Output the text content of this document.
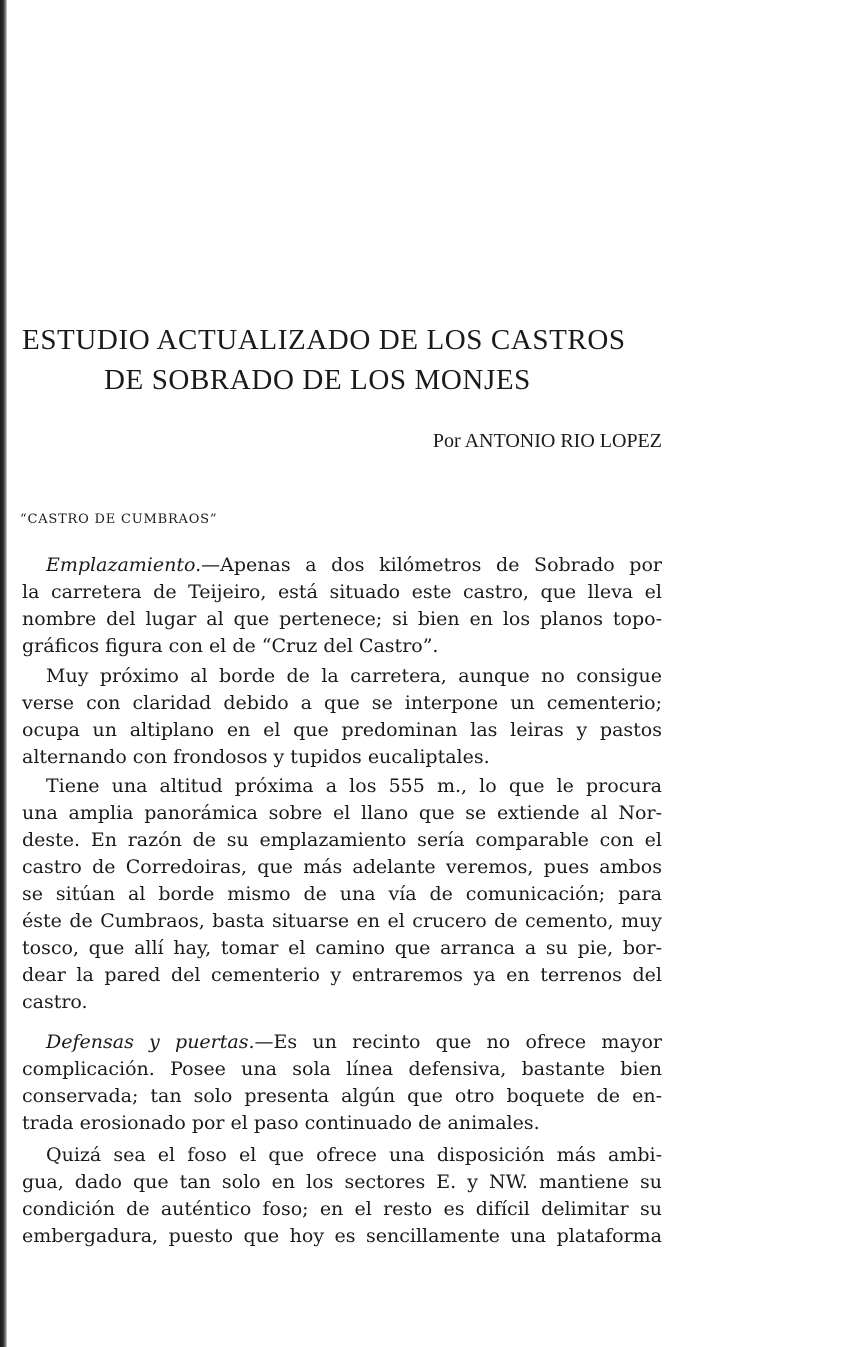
ESTUDIO ACTUALIZADO DE LOS CASTROS
DE SOBRADO DE LOS MONJES

Por ANTONIO RIO LOPEZ

“CASTRO DE CUMBRAOS”

Emplazamiento.—Apenas a dos kilómetros de Sobrado por

la carretera de Teijeiro, está situado este castro, que lleva el

nombre del lugar al que pertenece; si bien en los planos topo-

gráficos figura con el de “Cruz del Castro”.

Muy próximo al borde de la carretera, aunque no consigue

verse con claridad debido a que se interpone un cementerio;

ocupa un altiplano en el que predominan las leiras y pastos

alternando con frondosos y tupidos eucaliptales.

Tiene una altitud próxima a los 555 m., lo que le procura

una amplia panorámica sobre el llano que se extiende al Nor-

deste. En razón de su emplazamiento sería comparable con el

castro de Corredoiras, que más adelante veremos, pues ambos

se sitúan al borde mismo de una vía de comunicación; para

éste de Cumbraos, basta situarse en el crucero de cemento, muy

tosco, que allí hay, tomar el camino que arranca a su pie, bor-

dear la pared del cementerio y entraremos ya en terrenos del

castro.

Defensas y puertas.—Es un recinto que no ofrece mayor

complicación. Posee una sola línea defensiva, bastante bien

conservada; tan solo presenta algún que otro boquete de en-

trada erosionado por el paso continuado de animales.

Quizá sea el foso el que ofrece una disposición más ambi-

gua, dado que tan solo en los sectores E. y NW. mantiene su

condición de auténtico foso; en el resto es difícil delimitar su

embergadura, puesto que hoy es sencillamente una plataforma
